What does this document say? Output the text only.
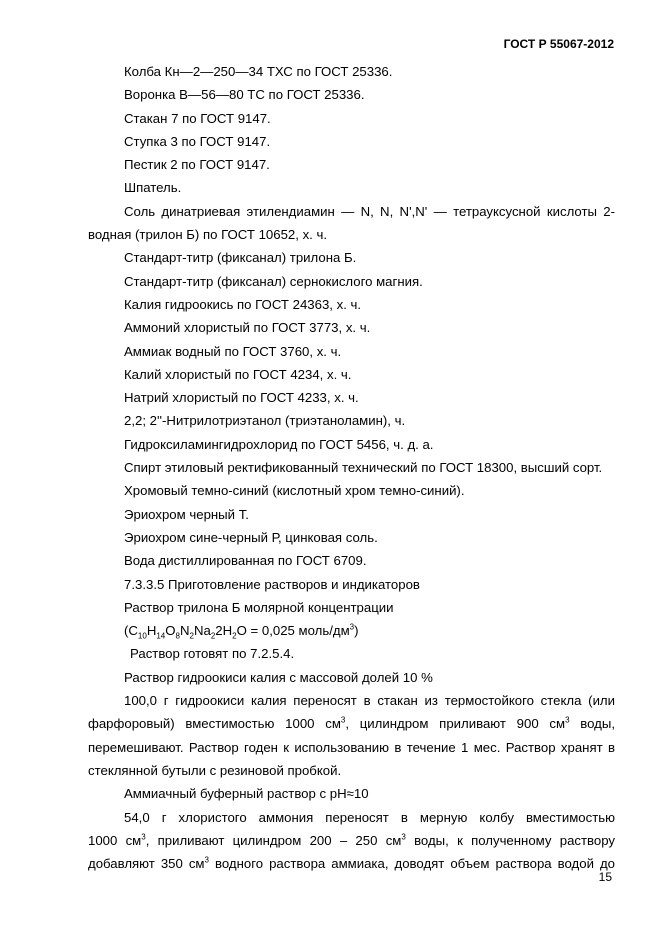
ГОСТ Р 55067-2012

Колба Кн—2—250—34 ТХС по ГОСТ 25336.

Воронка В—56—80 ТС по ГОСТ 25336.

Стакан 7 по ГОСТ 9147.

Ступка 3 по ГОСТ 9147.

Пестик 2 по ГОСТ 9147.

Шпатель.

Соль динатриевая этилендиамин — N, N, N',N' — тетрауксусной кислоты 2-

водная (трилон Б) по ГОСТ 10652, х. ч.

Стандарт-титр (фиксанал) трилона Б.

Стандарт-титр (фиксанал) сернокислого магния.

Калия гидроокись по ГОСТ 24363, х. ч.

Аммоний хлористый по ГОСТ 3773, х. ч.

Аммиак водный по ГОСТ 3760, х. ч.

Калий хлористый по ГОСТ 4234, х. ч.

Натрий хлористый по ГОСТ 4233, х. ч.

2,2; 2''-Нитрилотриэтанол (триэтаноламин), ч.

Гидроксиламингидрохлорид по ГОСТ 5456, ч. д. а.

Спирт этиловый ректификованный технический по ГОСТ 18300, высший сорт.

Хромовый темно-синий (кислотный хром темно-синий).

Эриохром черный Т.

Эриохром сине-черный Р, цинковая соль.

Вода дистиллированная по ГОСТ 6709.

7.3.3.5 Приготовление растворов и индикаторов

Раствор трилона Б молярной концентрации

($C_{10}H_{14}O_8N_2Na_22H_2O = 0,025$ моль/$дм^3$)

Раствор готовят по 7.2.5.4.

Раствор гидроокиси калия с массовой долей 10 %

100,0 г гидроокиси калия переносят в стакан из термостойкого стекла (или

фарфоровый) вместимостью 1000 $см^3$, цилиндром приливают 900 $см^3$ воды,

перемешивают. Раствор годен к использованию в течение 1 мес. Раствор хранят в

стеклянной бутыли с резиновой пробкой.

Аммиачный буферный раствор с pH≈10

54,0 г хлористого аммония переносят в мерную колбу вместимостью

1000 $см^3$, приливают цилиндром 200 – 250 $см^3$ воды, к полученному раствору

добавляют 350 $см^3$ водного раствора аммиака, доводят объем раствора водой до

15
